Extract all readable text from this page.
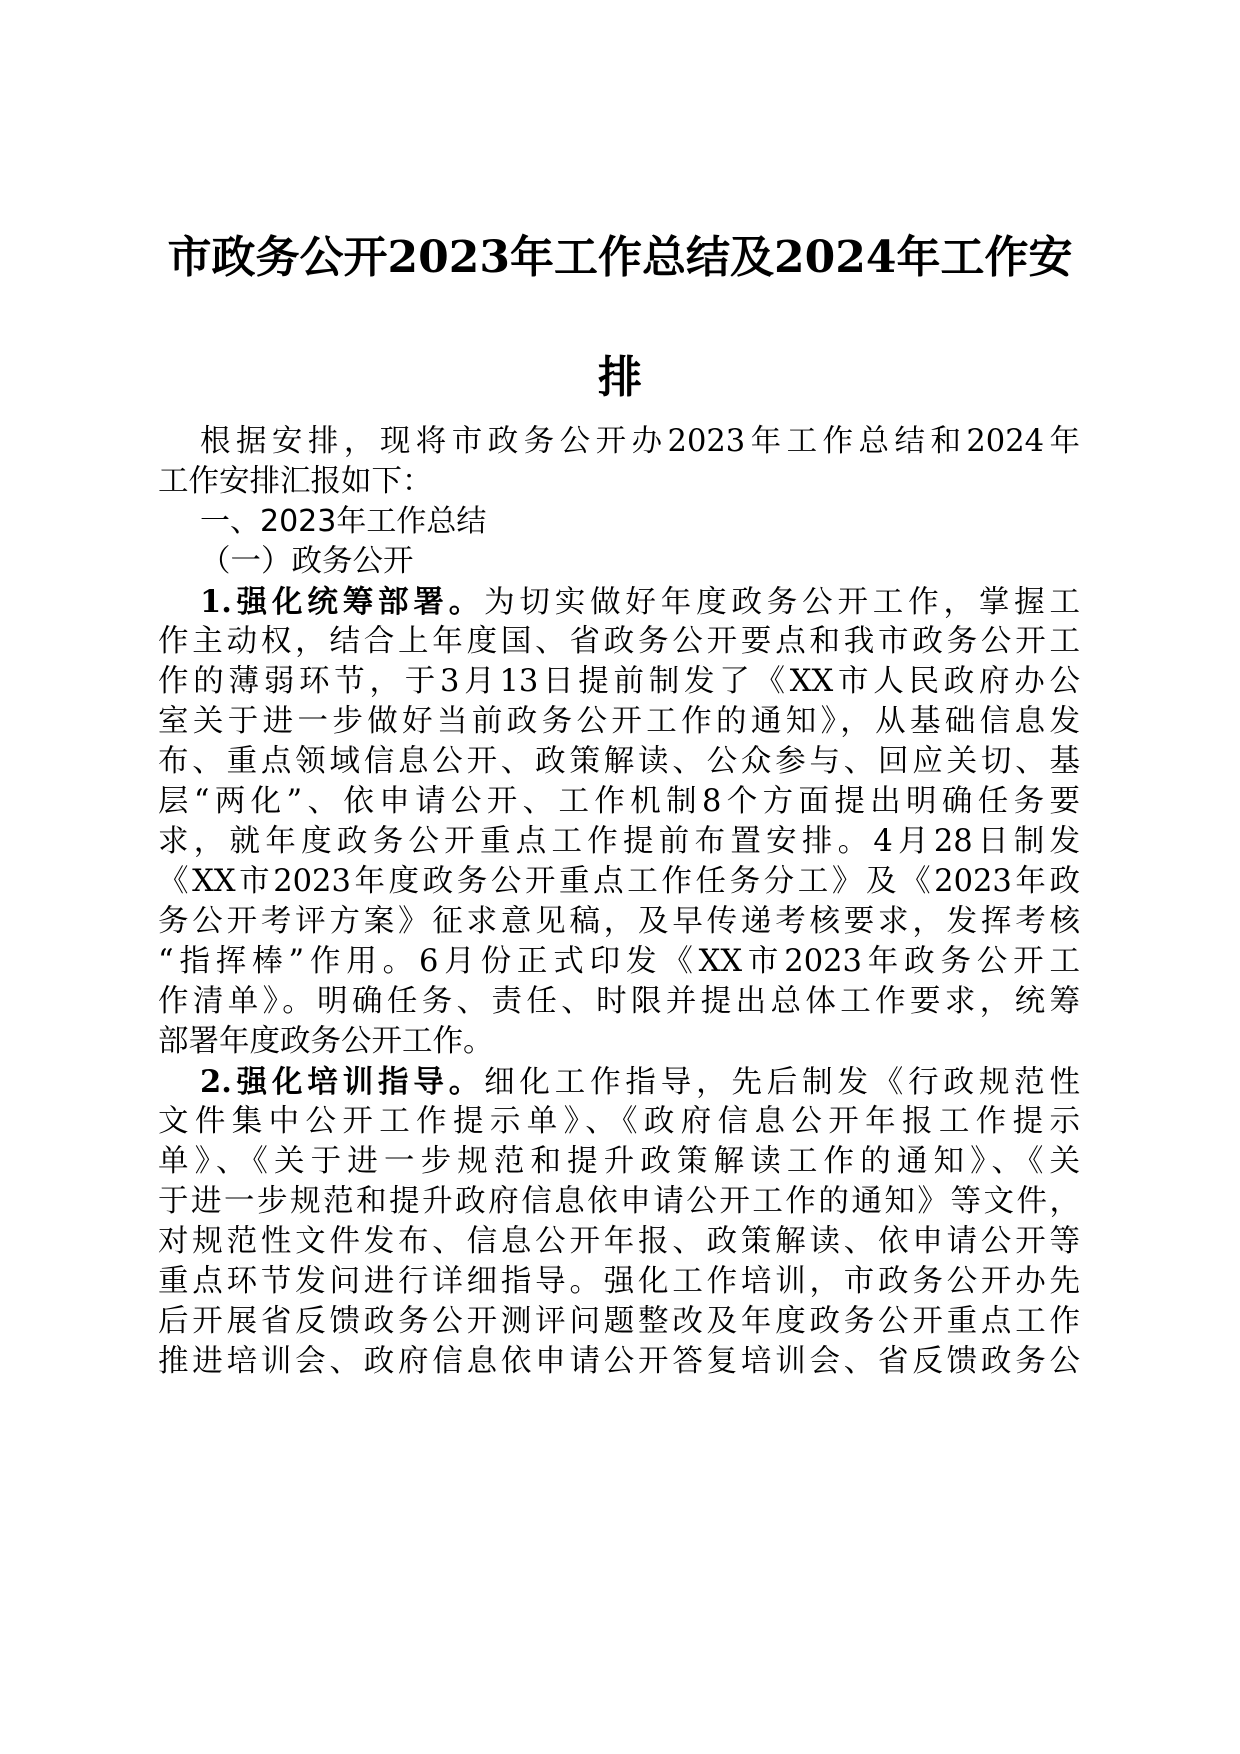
市政务公开2023年工作总结及2024年工作安
排
根据安排，现将市政务公开办2023年工作总结和2024年
工作安排汇报如下：
一、2023年工作总结
（一）政务公开
1.强化统筹部署。为切实做好年度政务公开工作，掌握工
作主动权，结合上年度国、省政务公开要点和我市政务公开工
作的薄弱环节，于3月13日提前制发了《XX市人民政府办公
室关于进一步做好当前政务公开工作的通知》，从基础信息发
布、重点领域信息公开、政策解读、公众参与、回应关切、基
层“两化”、依申请公开、工作机制8个方面提出明确任务要
求，就年度政务公开重点工作提前布置安排。4月28日制发
《XX市2023年度政务公开重点工作任务分工》及《2023年政
务公开考评方案》征求意见稿，及早传递考核要求，发挥考核
“指挥棒”作用。6月份正式印发《XX市2023年政务公开工
作清单》。明确任务、责任、时限并提出总体工作要求，统筹
部署年度政务公开工作。
2.强化培训指导。细化工作指导，先后制发《行政规范性
文件集中公开工作提示单》、《政府信息公开年报工作提示
单》、《关于进一步规范和提升政策解读工作的通知》、《关
于进一步规范和提升政府信息依申请公开工作的通知》等文件，
对规范性文件发布、信息公开年报、政策解读、依申请公开等
重点环节发问进行详细指导。强化工作培训，市政务公开办先
后开展省反馈政务公开测评问题整改及年度政务公开重点工作
推进培训会、政府信息依申请公开答复培训会、省反馈政务公
